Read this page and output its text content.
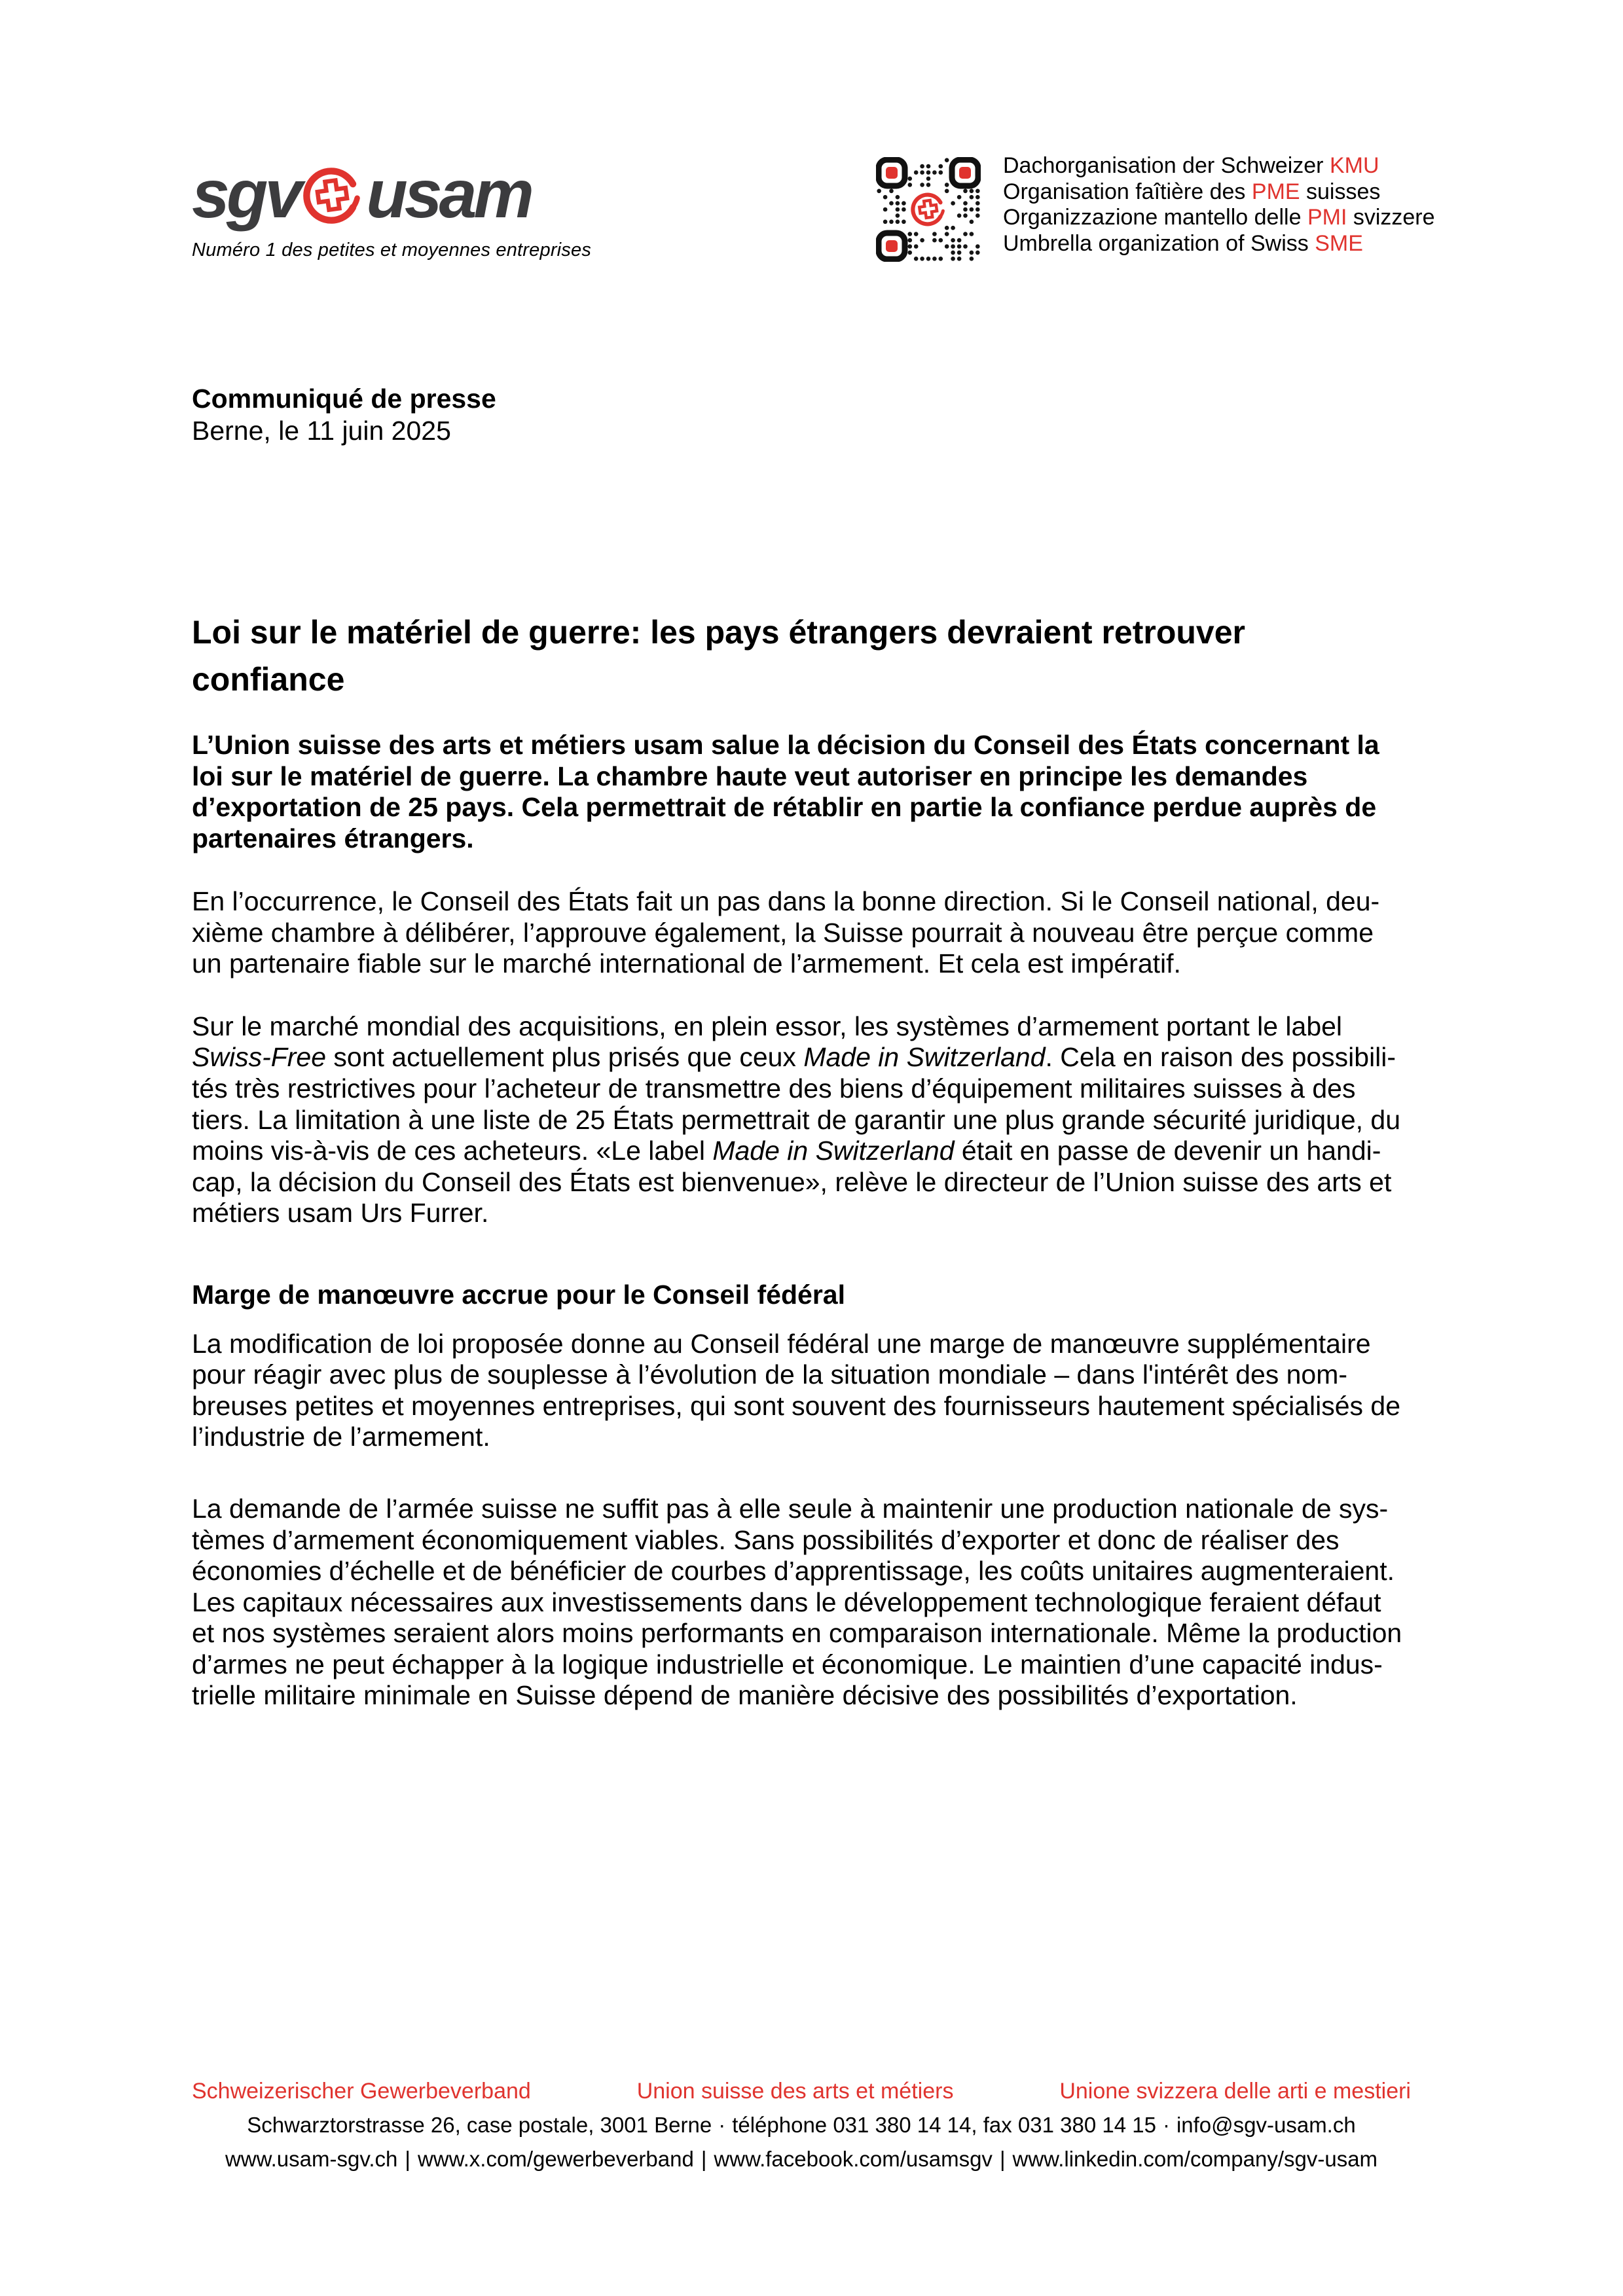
sgv usam
Numéro 1 des petites et moyennes entreprises
Dachorganisation der Schweizer KMU
Organisation faîtière des PME suisses
Organizzazione mantello delle PMI svizzere
Umbrella organization of Swiss SME
Communiqué de presse
Berne, le 11 juin 2025
Loi sur le matériel de guerre: les pays étrangers devraient retrouver
confiance
L’Union suisse des arts et métiers usam salue la décision du Conseil des États concernant la
loi sur le matériel de guerre. La chambre haute veut autoriser en principe les demandes
d’exportation de 25 pays. Cela permettrait de rétablir en partie la confiance perdue auprès de
partenaires étrangers.
En l’occurrence, le Conseil des États fait un pas dans la bonne direction. Si le Conseil national, deu-
xième chambre à délibérer, l’approuve également, la Suisse pourrait à nouveau être perçue comme
un partenaire fiable sur le marché international de l’armement. Et cela est impératif.
Sur le marché mondial des acquisitions, en plein essor, les systèmes d’armement portant le label
Swiss-Free sont actuellement plus prisés que ceux Made in Switzerland. Cela en raison des possibili-
tés très restrictives pour l’acheteur de transmettre des biens d’équipement militaires suisses à des
tiers. La limitation à une liste de 25 États permettrait de garantir une plus grande sécurité juridique, du
moins vis-à-vis de ces acheteurs. «Le label Made in Switzerland était en passe de devenir un handi-
cap, la décision du Conseil des États est bienvenue», relève le directeur de l’Union suisse des arts et
métiers usam Urs Furrer.
Marge de manœuvre accrue pour le Conseil fédéral
La modification de loi proposée donne au Conseil fédéral une marge de manœuvre supplémentaire
pour réagir avec plus de souplesse à l’évolution de la situation mondiale – dans l'intérêt des nom-
breuses petites et moyennes entreprises, qui sont souvent des fournisseurs hautement spécialisés de
l’industrie de l’armement.
La demande de l’armée suisse ne suffit pas à elle seule à maintenir une production nationale de sys-
tèmes d’armement économiquement viables. Sans possibilités d’exporter et donc de réaliser des
économies d’échelle et de bénéficier de courbes d’apprentissage, les coûts unitaires augmenteraient.
Les capitaux nécessaires aux investissements dans le développement technologique feraient défaut
et nos systèmes seraient alors moins performants en comparaison internationale. Même la production
d’armes ne peut échapper à la logique industrielle et économique. Le maintien d’une capacité indus-
trielle militaire minimale en Suisse dépend de manière décisive des possibilités d’exportation.
Schweizerischer Gewerbeverband	Union suisse des arts et métiers	Unione svizzera delle arti e mestieri
Schwarztorstrasse 26, case postale, 3001 Berne · téléphone 031 380 14 14, fax 031 380 14 15 · info@sgv-usam.ch
www.usam-sgv.ch | www.x.com/gewerbeverband | www.facebook.com/usamsgv | www.linkedin.com/company/sgv-usam
